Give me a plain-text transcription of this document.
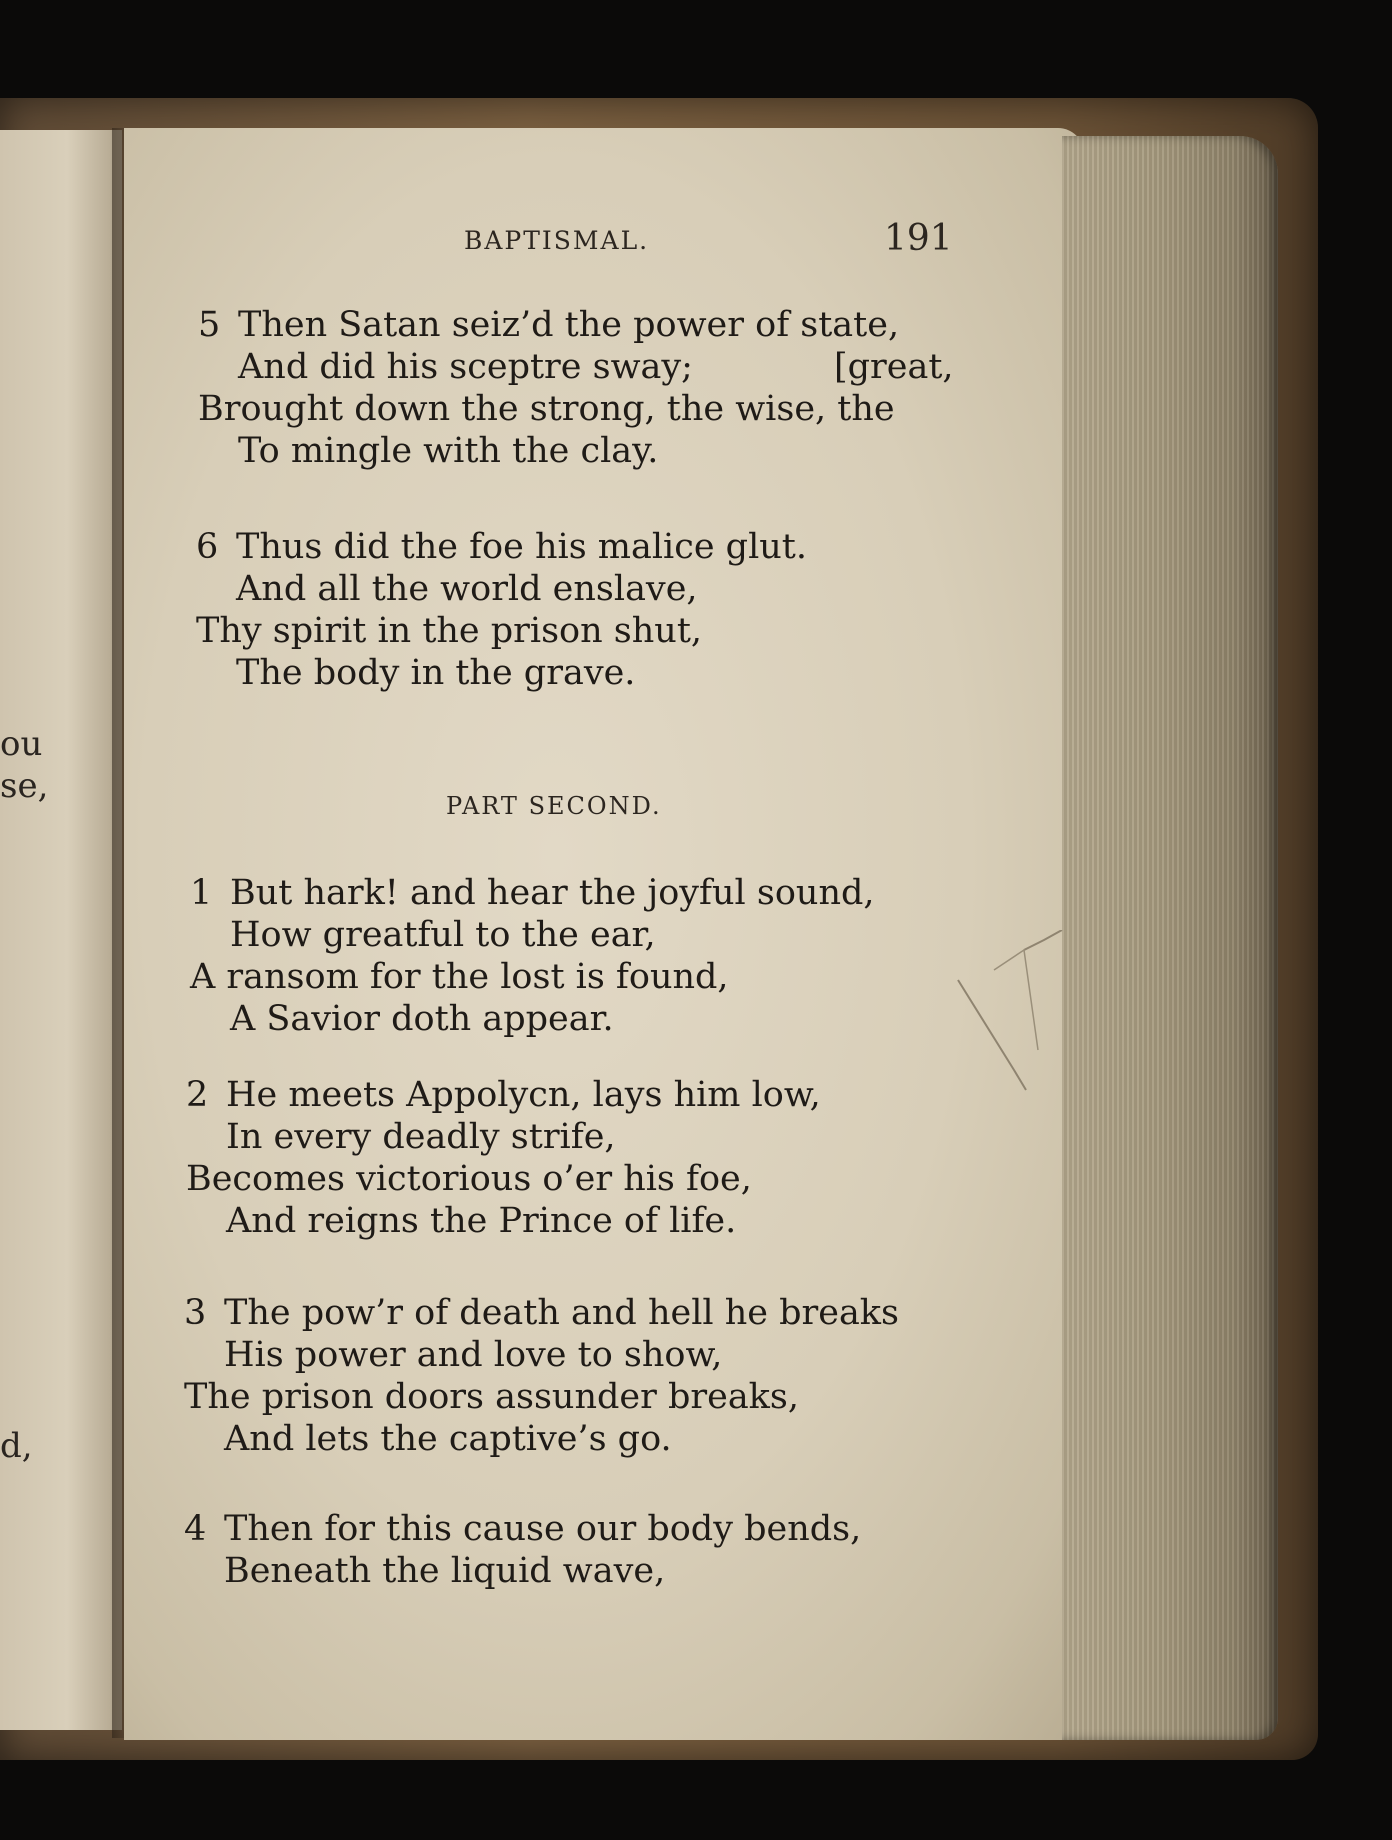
ou
se,
d,
BAPTISMAL.	191
PART SECOND.
5 Then Satan seiz’d the power of state,
And did his sceptre sway;	[great,
Brought down the strong, the wise, the
To mingle with the clay.
6 Thus did the foe his malice glut.
And all the world enslave,
Thy spirit in the prison shut,
The body in the grave.
1 But hark! and hear the joyful sound,
How greatful to the ear,
A ransom for the lost is found,
A Savior doth appear.
2 He meets Appolycn, lays him low,
In every deadly strife,
Becomes victorious o’er his foe,
And reigns the Prince of life.
3 The pow’r of death and hell he breaks
His power and love to show,
The prison doors assunder breaks,
And lets the captive’s go.
4 Then for this cause our body bends,
Beneath the liquid wave,
